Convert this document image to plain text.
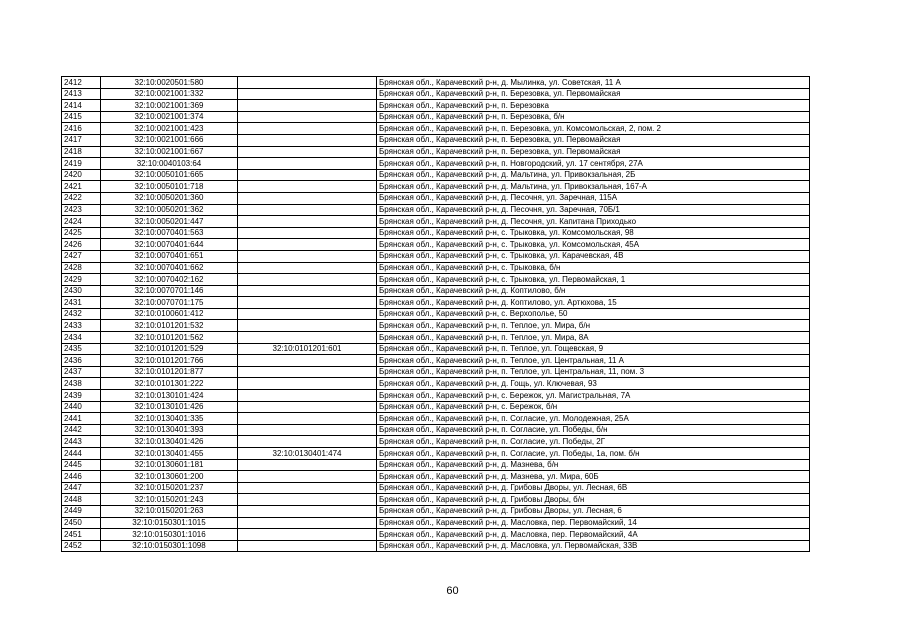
2412	32:10:0020501:580		Брянская обл., Карачевский р-н, д. Мылинка, ул. Советская, 11 А
2413	32:10:0021001:332		Брянская обл., Карачевский р-н, п. Березовка, ул. Первомайская
2414	32:10:0021001:369		Брянская обл., Карачевский р-н, п. Березовка
2415	32:10:0021001:374		Брянская обл., Карачевский р-н, п. Березовка, б/н
2416	32:10:0021001:423		Брянская обл., Карачевский р-н, п. Березовка, ул. Комсомольская, 2, пом. 2
2417	32:10:0021001:666		Брянская обл., Карачевский р-н, п. Березовка, ул. Первомайская
2418	32:10:0021001:667		Брянская обл., Карачевский р-н, п. Березовка, ул. Первомайская
2419	32:10:0040103:64		Брянская обл., Карачевский р-н, п. Новгородский, ул. 17 сентября, 27А
2420	32:10:0050101:665		Брянская обл., Карачевский р-н, д. Мальтина, ул. Привокзальная, 2Б
2421	32:10:0050101:718		Брянская обл., Карачевский р-н, д. Мальтина, ул. Привокзальная, 167-А
2422	32:10:0050201:360		Брянская обл., Карачевский р-н, д. Песочня, ул. Заречная, 115А
2423	32:10:0050201:362		Брянская обл., Карачевский р-н, д. Песочня, ул. Заречная, 70Б/1
2424	32:10:0050201:447		Брянская обл., Карачевский р-н, д. Песочня, ул. Капитана Приходько
2425	32:10:0070401:563		Брянская обл., Карачевский р-н, с. Трыковка, ул. Комсомольская, 98
2426	32:10:0070401:644		Брянская обл., Карачевский р-н, с. Трыковка, ул. Комсомольская, 45А
2427	32:10:0070401:651		Брянская обл., Карачевский р-н, с. Трыковка, ул. Карачевская, 4В
2428	32:10:0070401:662		Брянская обл., Карачевский р-н, с. Трыковка, б/н
2429	32:10:0070402:162		Брянская обл., Карачевский р-н, с. Трыковка, ул. Первомайская, 1
2430	32:10:0070701:146		Брянская обл., Карачевский р-н, д. Коптилово, б/н
2431	32:10:0070701:175		Брянская обл., Карачевский р-н, д. Коптилово, ул. Артюхова, 15
2432	32:10:0100601:412		Брянская обл., Карачевский р-н, с. Верхополье, 50
2433	32:10:0101201:532		Брянская обл., Карачевский р-н, п. Теплое, ул. Мира, б/н
2434	32:10:0101201:562		Брянская обл., Карачевский р-н, п. Теплое, ул. Мира, 8А
2435	32:10:0101201:529	32:10:0101201:601	Брянская обл., Карачевский р-н, п. Теплое, ул. Гощевская, 9
2436	32:10:0101201:766		Брянская обл., Карачевский р-н, п. Теплое, ул. Центральная, 11 А
2437	32:10:0101201:877		Брянская обл., Карачевский р-н, п. Теплое, ул. Центральная, 11, пом. 3
2438	32:10:0101301:222		Брянская обл., Карачевский р-н, д. Гощь, ул. Ключевая, 93
2439	32:10:0130101:424		Брянская обл., Карачевский р-н, с. Бережок, ул. Магистральная, 7А
2440	32:10:0130101:426		Брянская обл., Карачевский р-н, с. Бережок, б/н
2441	32:10:0130401:335		Брянская обл., Карачевский р-н, п. Согласие, ул. Молодежная, 25А
2442	32:10:0130401:393		Брянская обл., Карачевский р-н, п. Согласие, ул. Победы, б/н
2443	32:10:0130401:426		Брянская обл., Карачевский р-н, п. Согласие, ул. Победы, 2Г
2444	32:10:0130401:455	32:10:0130401:474	Брянская обл., Карачевский р-н, п. Согласие, ул. Победы, 1а, пом. б/н
2445	32:10:0130601:181		Брянская обл., Карачевский р-н, д. Мазнева, б/н
2446	32:10:0130601:200		Брянская обл., Карачевский р-н, д. Мазнева, ул. Мира, 60Б
2447	32:10:0150201:237		Брянская обл., Карачевский р-н, д. Грибовы Дворы, ул. Лесная, 6В
2448	32:10:0150201:243		Брянская обл., Карачевский р-н, д. Грибовы Дворы, б/н
2449	32:10:0150201:263		Брянская обл., Карачевский р-н, д. Грибовы Дворы, ул. Лесная, 6
2450	32:10:0150301:1015		Брянская обл., Карачевский р-н, д. Масловка, пер. Первомайский, 14
2451	32:10:0150301:1016		Брянская обл., Карачевский р-н, д. Масловка, пер. Первомайский, 4А
2452	32:10:0150301:1098		Брянская обл., Карачевский р-н, д. Масловка, ул. Первомайская, 33В
60
